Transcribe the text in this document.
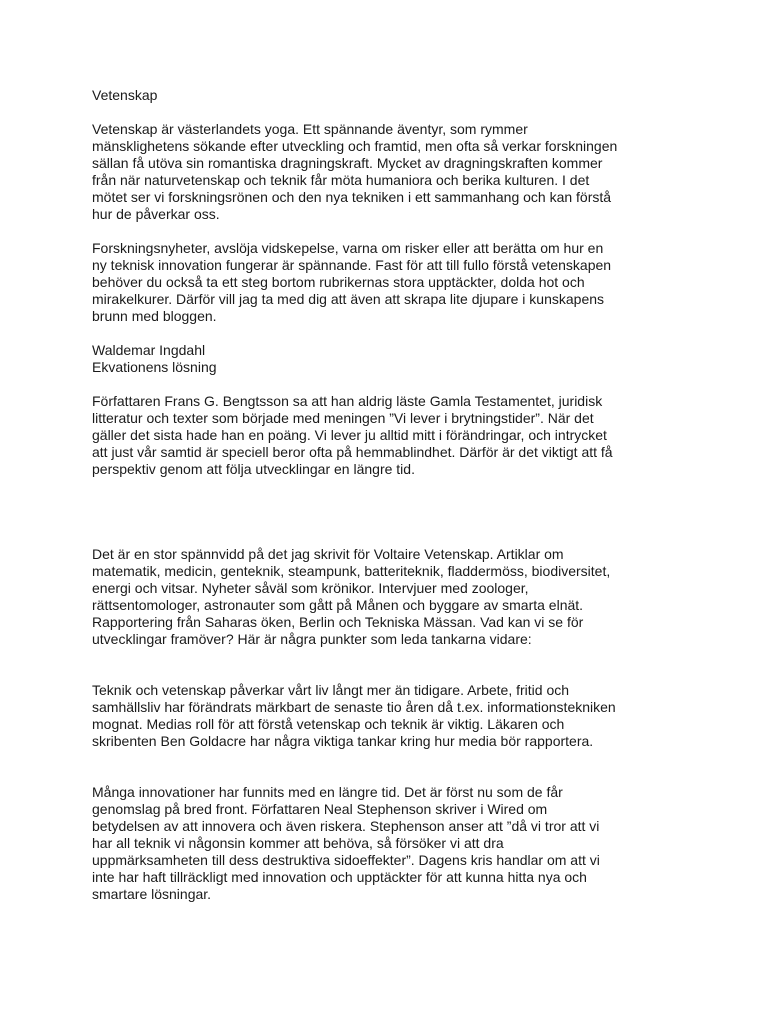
Vetenskap
Vetenskap är västerlandets yoga. Ett spännande äventyr, som rymmer
mänsklighetens sökande efter utveckling och framtid, men ofta så verkar forskningen
sällan få utöva sin romantiska dragningskraft. Mycket av dragningskraften kommer
från när naturvetenskap och teknik får möta humaniora och berika kulturen. I det
mötet ser vi forskningsrönen och den nya tekniken i ett sammanhang och kan förstå
hur de påverkar oss.
Forskningsnyheter, avslöja vidskepelse, varna om risker eller att berätta om hur en
ny teknisk innovation fungerar är spännande. Fast för att till fullo förstå vetenskapen
behöver du också ta ett steg bortom rubrikernas stora upptäckter, dolda hot och
mirakelkurer. Därför vill jag ta med dig att även att skrapa lite djupare i kunskapens
brunn med bloggen.
Waldemar Ingdahl
Ekvationens lösning
Författaren Frans G. Bengtsson sa att han aldrig läste Gamla Testamentet, juridisk
litteratur och texter som började med meningen ”Vi lever i brytningstider”. När det
gäller det sista hade han en poäng. Vi lever ju alltid mitt i förändringar, och intrycket
att just vår samtid är speciell beror ofta på hemmablindhet. Därför är det viktigt att få
perspektiv genom att följa utvecklingar en längre tid.
Det är en stor spännvidd på det jag skrivit för Voltaire Vetenskap. Artiklar om
matematik, medicin, genteknik, steampunk, batteriteknik, fladdermöss, biodiversitet,
energi och vitsar. Nyheter såväl som krönikor. Intervjuer med zoologer,
rättsentomologer, astronauter som gått på Månen och byggare av smarta elnät.
Rapportering från Saharas öken, Berlin och Tekniska Mässan. Vad kan vi se för
utvecklingar framöver? Här är några punkter som leda tankarna vidare:
Teknik och vetenskap påverkar vårt liv långt mer än tidigare. Arbete, fritid och
samhällsliv har förändrats märkbart de senaste tio åren då t.ex. informationstekniken
mognat. Medias roll för att förstå vetenskap och teknik är viktig. Läkaren och
skribenten Ben Goldacre har några viktiga tankar kring hur media bör rapportera.
Många innovationer har funnits med en längre tid. Det är först nu som de får
genomslag på bred front. Författaren Neal Stephenson skriver i Wired om
betydelsen av att innovera och även riskera. Stephenson anser att ”då vi tror att vi
har all teknik vi någonsin kommer att behöva, så försöker vi att dra
uppmärksamheten till dess destruktiva sidoeffekter”. Dagens kris handlar om att vi
inte har haft tillräckligt med innovation och upptäckter för att kunna hitta nya och
smartare lösningar.
